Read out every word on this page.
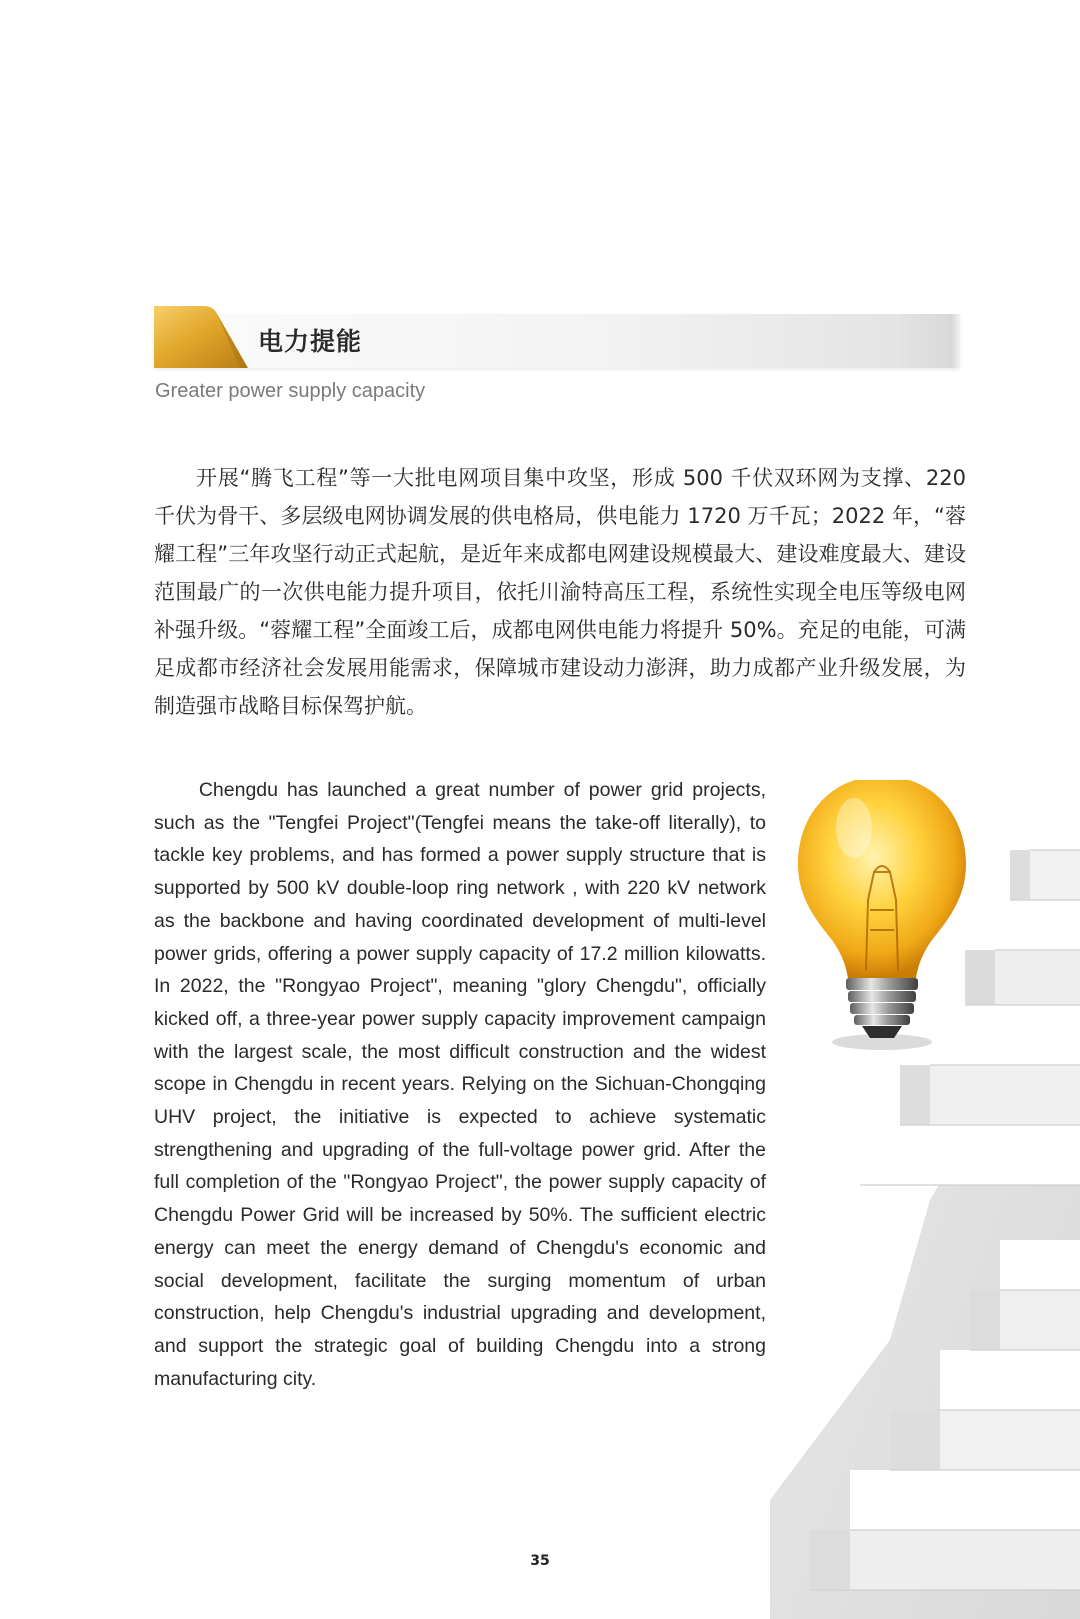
电力提能
Greater power supply capacity

开展“腾飞工程”等一大批电网项目集中攻坚，形成 500 千伏双环网为支撑、220 千伏为骨干、多层级电网协调发展的供电格局，供电能力 1720 万千瓦；2022 年，“蓉耀工程”三年攻坚行动正式起航，是近年来成都电网建设规模最大、建设难度最大、建设范围最广的一次供电能力提升项目，依托川渝特高压工程，系统性实现全电压等级电网补强升级。“蓉耀工程”全面竣工后，成都电网供电能力将提升 50%。充足的电能，可满足成都市经济社会发展用能需求，保障城市建设动力澎湃，助力成都产业升级发展，为制造强市战略目标保驾护航。

Chengdu has launched a great number of power grid projects, such as the "Tengfei Project"(Tengfei means the take-off literally), to tackle key problems, and has formed a power supply structure that is supported by 500 kV double-loop ring network , with 220 kV network as the backbone and having coordinated development of multi-level power grids, offering a power supply capacity of 17.2 million kilowatts. In 2022, the "Rongyao Project", meaning "glory Chengdu", officially kicked off, a three-year power supply capacity improvement campaign with the largest scale, the most difficult construction and the widest scope in Chengdu in recent years. Relying on the Sichuan-Chongqing UHV project, the initiative is expected to achieve systematic strengthening and upgrading of the full-voltage power grid. After the full completion of the "Rongyao Project", the power supply capacity of Chengdu Power Grid will be increased by 50%. The sufficient electric energy can meet the energy demand of Chengdu's economic and social development, facilitate the surging momentum of urban construction, help Chengdu's industrial upgrading and development, and support the strategic goal of building Chengdu into a strong manufacturing city.

35
